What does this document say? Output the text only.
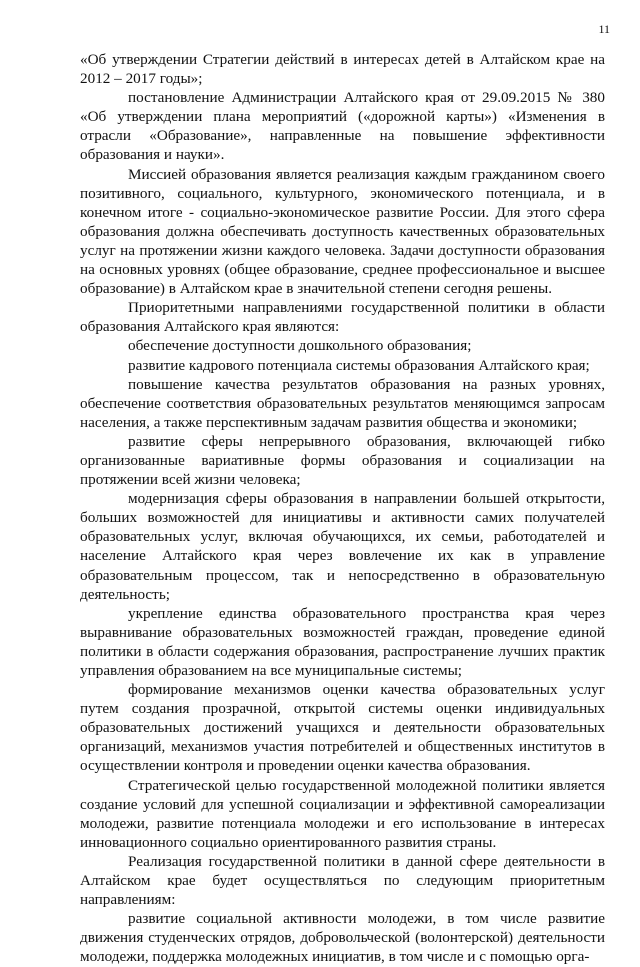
11

«Об утверждении Стратегии действий в интересах детей в Алтайском крае на 2012 – 2017 годы»;

постановление Администрации Алтайского края от 29.09.2015 № 380 «Об утверждении плана мероприятий («дорожной карты») «Изменения в отрасли «Образование», направленные на повышение эффективности образования и науки».

Миссией образования является реализация каждым гражданином своего позитивного, социального, культурного, экономического потенциала, и в конечном итоге - социально-экономическое развитие России. Для этого сфера образования должна обеспечивать доступность качественных образовательных услуг на протяжении жизни каждого человека. Задачи доступности образования на основных уровнях (общее образование, среднее профессиональное и высшее образование) в Алтайском крае в значительной степени сегодня решены.

Приоритетными направлениями государственной политики в области образования Алтайского края являются:

обеспечение доступности дошкольного образования;

развитие кадрового потенциала системы образования Алтайского края;

повышение качества результатов образования на разных уровнях, обеспечение соответствия образовательных результатов меняющимся запросам населения, а также перспективным задачам развития общества и экономики;

развитие сферы непрерывного образования, включающей гибко организованные вариативные формы образования и социализации на протяжении всей жизни человека;

модернизация сферы образования в направлении большей открытости, больших возможностей для инициативы и активности самих получателей образовательных услуг, включая обучающихся, их семьи, работодателей и население Алтайского края через вовлечение их как в управление образовательным процессом, так и непосредственно в образовательную деятельность;

укрепление единства образовательного пространства края через выравнивание образовательных возможностей граждан, проведение единой политики в области содержания образования, распространение лучших практик управления образованием на все муниципальные системы;

формирование механизмов оценки качества образовательных услуг путем создания прозрачной, открытой системы оценки индивидуальных образовательных достижений учащихся и деятельности образовательных организаций, механизмов участия потребителей и общественных институтов в осуществлении контроля и проведении оценки качества образования.

Стратегической целью государственной молодежной политики является создание условий для успешной социализации и эффективной самореализации молодежи, развитие потенциала молодежи и его использование в интересах инновационного социально ориентированного развития страны.

Реализация государственной политики в данной сфере деятельности в Алтайском крае будет осуществляться по следующим приоритетным направлениям:

развитие социальной активности молодежи, в том числе развитие движения студенческих отрядов, добровольческой (волонтерской) деятельности молодежи, поддержка молодежных инициатив, в том числе и с помощью орга-
